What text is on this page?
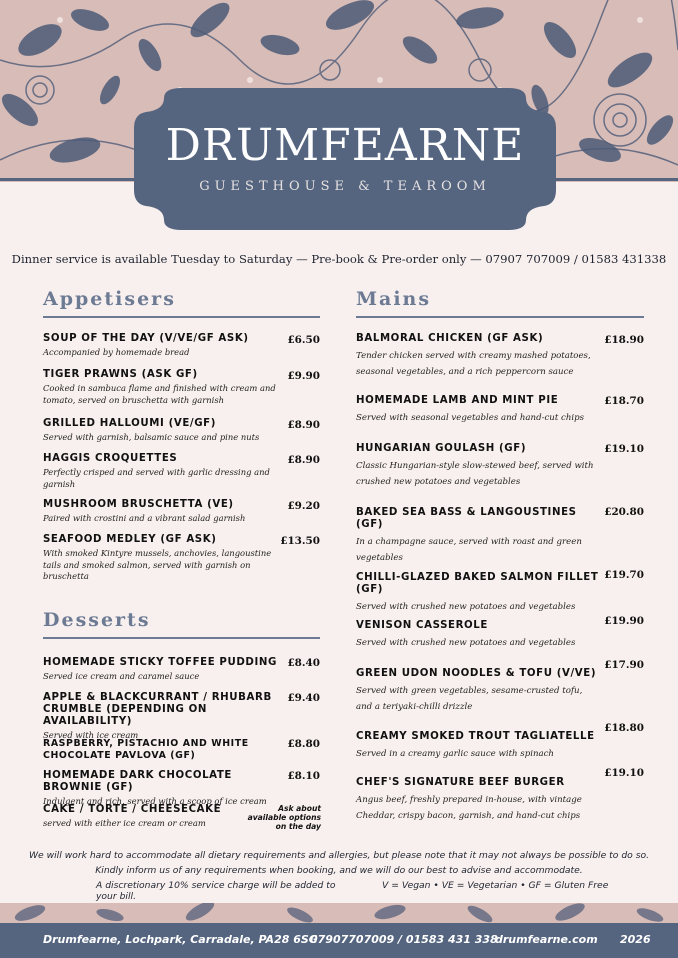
DRUMFEARNE
GUESTHOUSE & TEAROOM
Dinner service is available Tuesday to Saturday — Pre-book & Pre-order only — 07907 707009 / 01583 431338
Appetisers
SOUP OF THE DAY (V/VE/GF ASK)
Accompanied by homemade bread
£6.50
TIGER PRAWNS (ASK GF)
Cooked in sambuca flame and finished with cream and tomato, served on bruschetta with garnish
£9.90
GRILLED HALLOUMI (VE/GF)
Served with garnish, balsamic sauce and pine nuts
£8.90
HAGGIS CROQUETTES
Perfectly crisped and served with garlic dressing and garnish
£8.90
MUSHROOM BRUSCHETTA (VE)
Paired with crostini and a vibrant salad garnish
£9.20
SEAFOOD MEDLEY (GF ASK)
With smoked Kintyre mussels, anchovies, langoustine tails and smoked salmon, served with garnish on bruschetta
£13.50
Desserts
HOMEMADE STICKY TOFFEE PUDDING
Served ice cream and caramel sauce
£8.40
APPLE & BLACKCURRANT / RHUBARB CRUMBLE (DEPENDING ON AVAILABILITY)
Served with ice cream
£9.40
RASPBERRY, PISTACHIO AND WHITE CHOCOLATE PAVLOVA (GF)
£8.80
HOMEMADE DARK CHOCOLATE BROWNIE (GF)
Indulgent and rich, served with a scoop of ice cream
£8.10
CAKE / TORTE / CHEESECAKE
served with either ice cream or cream
Ask about available options on the day
Mains
BALMORAL CHICKEN (GF ASK)
Tender chicken served with creamy mashed potatoes, seasonal vegetables, and a rich peppercorn sauce
£18.90
HOMEMADE LAMB AND MINT PIE
Served with seasonal vegetables and hand-cut chips
£18.70
HUNGARIAN GOULASH (GF)
Classic Hungarian-style slow-stewed beef, served with crushed new potatoes and vegetables
£19.10
BAKED SEA BASS & LANGOUSTINES (GF)
In a champagne sauce, served with roast and green vegetables
£20.80
CHILLI-GLAZED BAKED SALMON FILLET (GF)
Served with crushed new potatoes and vegetables
£19.70
VENISON CASSEROLE
Served with crushed new potatoes and vegetables
£19.90
GREEN UDON NOODLES & TOFU (V/VE)
Served with green vegetables, sesame-crusted tofu, and a teriyaki-chilli drizzle
£17.90
CREAMY SMOKED TROUT TAGLIATELLE
Served in a creamy garlic sauce with spinach
£18.80
CHEF'S SIGNATURE BEEF BURGER
Angus beef, freshly prepared in-house, with vintage Cheddar, crispy bacon, garnish, and hand-cut chips
£19.10
We will work hard to accommodate all dietary requirements and allergies, but please note that it may not always be possible to do so.
Kindly inform us of any requirements when booking, and we will do our best to advise and accommodate.
A discretionary 10% service charge will be added to your bill.
V = Vegan • VE = Vegetarian • GF = Gluten Free
Drumfearne, Lochpark, Carradale, PA28 6SG
07907707009 / 01583 431 338
drumfearne.com 2026
